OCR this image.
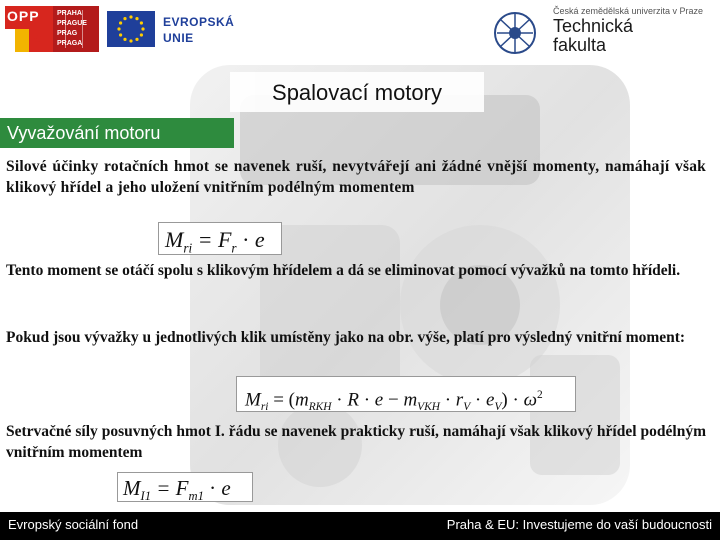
OPP
A
PRAHA
PRAGUE
PRAG
PRAGA
EVROPSKÁ
UNIE
Česká zemědělská univerzita v Praze
Technická
fakulta
Spalovací motory
Vyvažování motoru
Silové účinky rotačních hmot se navenek ruší, nevytvářejí ani žádné vnější momenty, namáhají však klikový hřídel a jeho uložení vnitřním podélným momentem
$M_{ri} = F_r \cdot e$
Tento moment se otáčí spolu s klikovým hřídelem a dá se eliminovat pomocí vývažků na tomto hřídeli.
Pokud jsou vývažky u jednotlivých klik umístěny jako na obr. výše, platí pro výsledný vnitřní moment:
$M_{ri} = (m_{RKH} \cdot R \cdot e - m_{VKH} \cdot r_V \cdot e_V) \cdot \omega^2$
Setrvačné síly posuvných hmot I. řádu se navenek prakticky ruší, namáhají však klikový hřídel podélným vnitřním momentem
$M_{I1} = F_{m1} \cdot e$
Evropský sociální fond	Praha & EU: Investujeme do vaší budoucnosti
